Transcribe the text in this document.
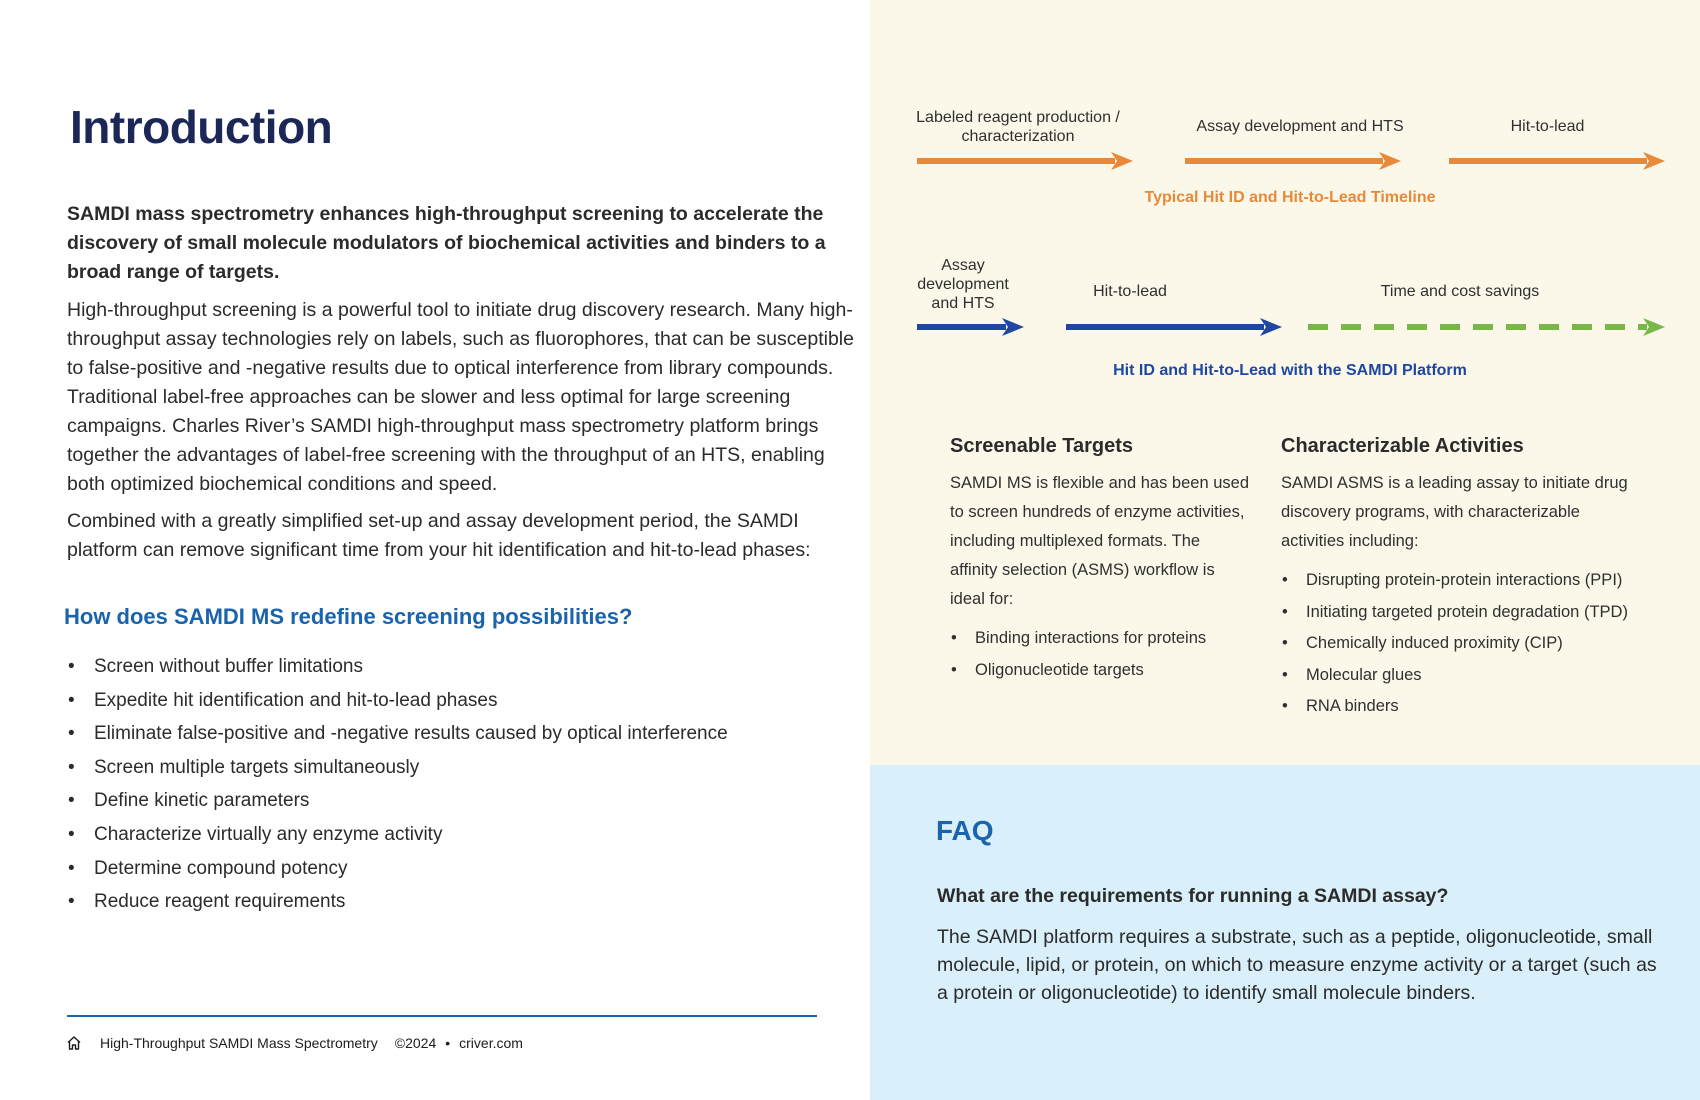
Introduction

SAMDI mass spectrometry enhances high-throughput screening to accelerate the discovery of small molecule modulators of biochemical activities and binders to a broad range of targets.

High-throughput screening is a powerful tool to initiate drug discovery research. Many high-throughput assay technologies rely on labels, such as fluorophores, that can be susceptible to false-positive and -negative results due to optical interference from library compounds. Traditional label-free approaches can be slower and less optimal for large screening campaigns. Charles River’s SAMDI high-throughput mass spectrometry platform brings together the advantages of label-free screening with the throughput of an HTS, enabling both optimized biochemical conditions and speed.

Combined with a greatly simplified set-up and assay development period, the SAMDI platform can remove significant time from your hit identification and hit-to-lead phases:

How does SAMDI MS redefine screening possibilities?
• Screen without buffer limitations
• Expedite hit identification and hit-to-lead phases
• Eliminate false-positive and -negative results caused by optical interference
• Screen multiple targets simultaneously
• Define kinetic parameters
• Characterize virtually any enzyme activity
• Determine compound potency
• Reduce reagent requirements
High-Throughput SAMDI Mass Spectrometry ©2024 • criver.com
Labeled reagent production / characterization
Assay development and HTS	Hit-to-lead
Typical Hit ID and Hit-to-Lead Timeline
Assay development and HTS
Hit-to-lead	Time and cost savings
Hit ID and Hit-to-Lead with the SAMDI Platform
Screenable Targets

SAMDI MS is flexible and has been used to screen hundreds of enzyme activities, including multiplexed formats. The affinity selection (ASMS) workflow is ideal for:

• Binding interactions for proteins
• Oligonucleotide targets
Characterizable Activities

SAMDI ASMS is a leading assay to initiate drug discovery programs, with characterizable activities including:

• Disrupting protein-protein interactions (PPI)
• Initiating targeted protein degradation (TPD)
• Chemically induced proximity (CIP)
• Molecular glues
• RNA binders
FAQ
What are the requirements for running a SAMDI assay?

The SAMDI platform requires a substrate, such as a peptide, oligonucleotide, small molecule, lipid, or protein, on which to measure enzyme activity or a target (such as a protein or oligonucleotide) to identify small molecule binders.
